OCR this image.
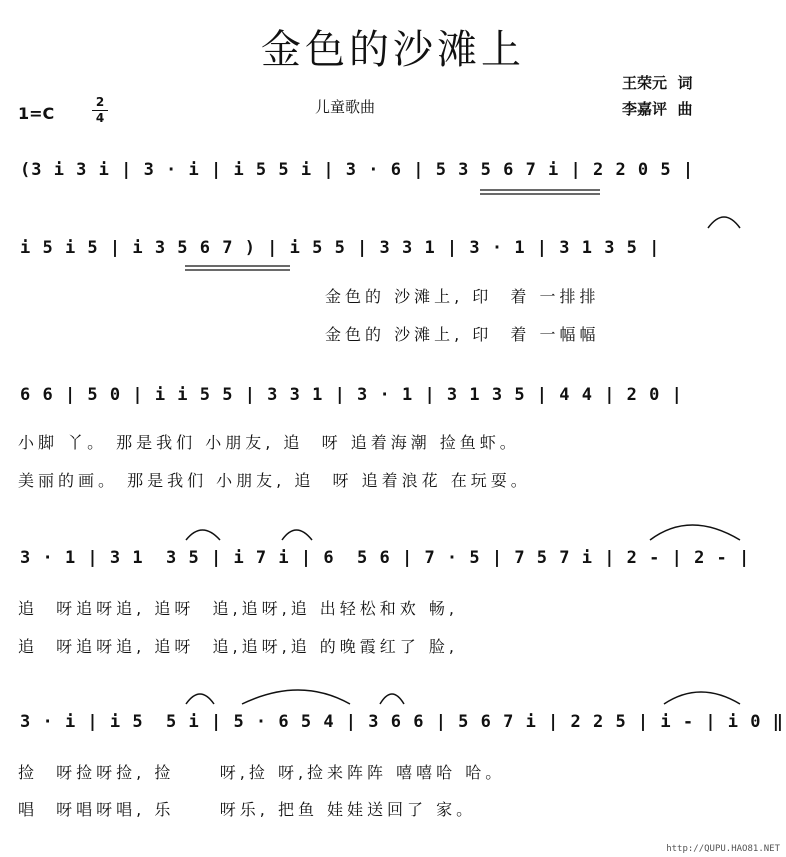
金色的沙滩上
儿童歌曲
1=C
2
4
王荣元  词
李嘉评  曲
(3 i 3 i | 3 · i | i 5 5 i | 3 · 6 | 5 3 5 6 7 i | 2 2 0 5 |
i 5 i 5 | i 3 5 6 7 ) | i 5 5 | 3 3 1 | 3 · 1 | 3 1 3 5 |
金色的 沙滩上, 印  着 一排排
金色的 沙滩上, 印  着 一幅幅
6 6 | 5 0 | i i 5 5 | 3 3 1 | 3 · 1 | 3 1 3 5 | 4 4 | 2 0 |
小脚 丫。 那是我们 小朋友, 追  呀 追着海潮 捡鱼虾。
美丽的画。 那是我们 小朋友, 追  呀 追着浪花 在玩耍。
3 · 1 | 3 1  3 5 | i 7 i | 6  5 6 | 7 · 5 | 7 5 7 i | 2 - | 2 - |
追  呀追呀追, 追呀  追,追呀,追 出轻松和欢 畅,
追  呀追呀追, 追呀  追,追呀,追 的晚霞红了 脸,
3 · i | i 5  5 i | 5 · 6 5 4 | 3 6 6 | 5 6 7 i | 2 2 5 | i - | i 0 ‖
捡  呀捡呀捡, 捡     呀,捡 呀,捡来阵阵 嘻嘻哈 哈。
唱  呀唱呀唱, 乐     呀乐, 把鱼 娃娃送回了 家。
http://QUPU.HAO81.NET
